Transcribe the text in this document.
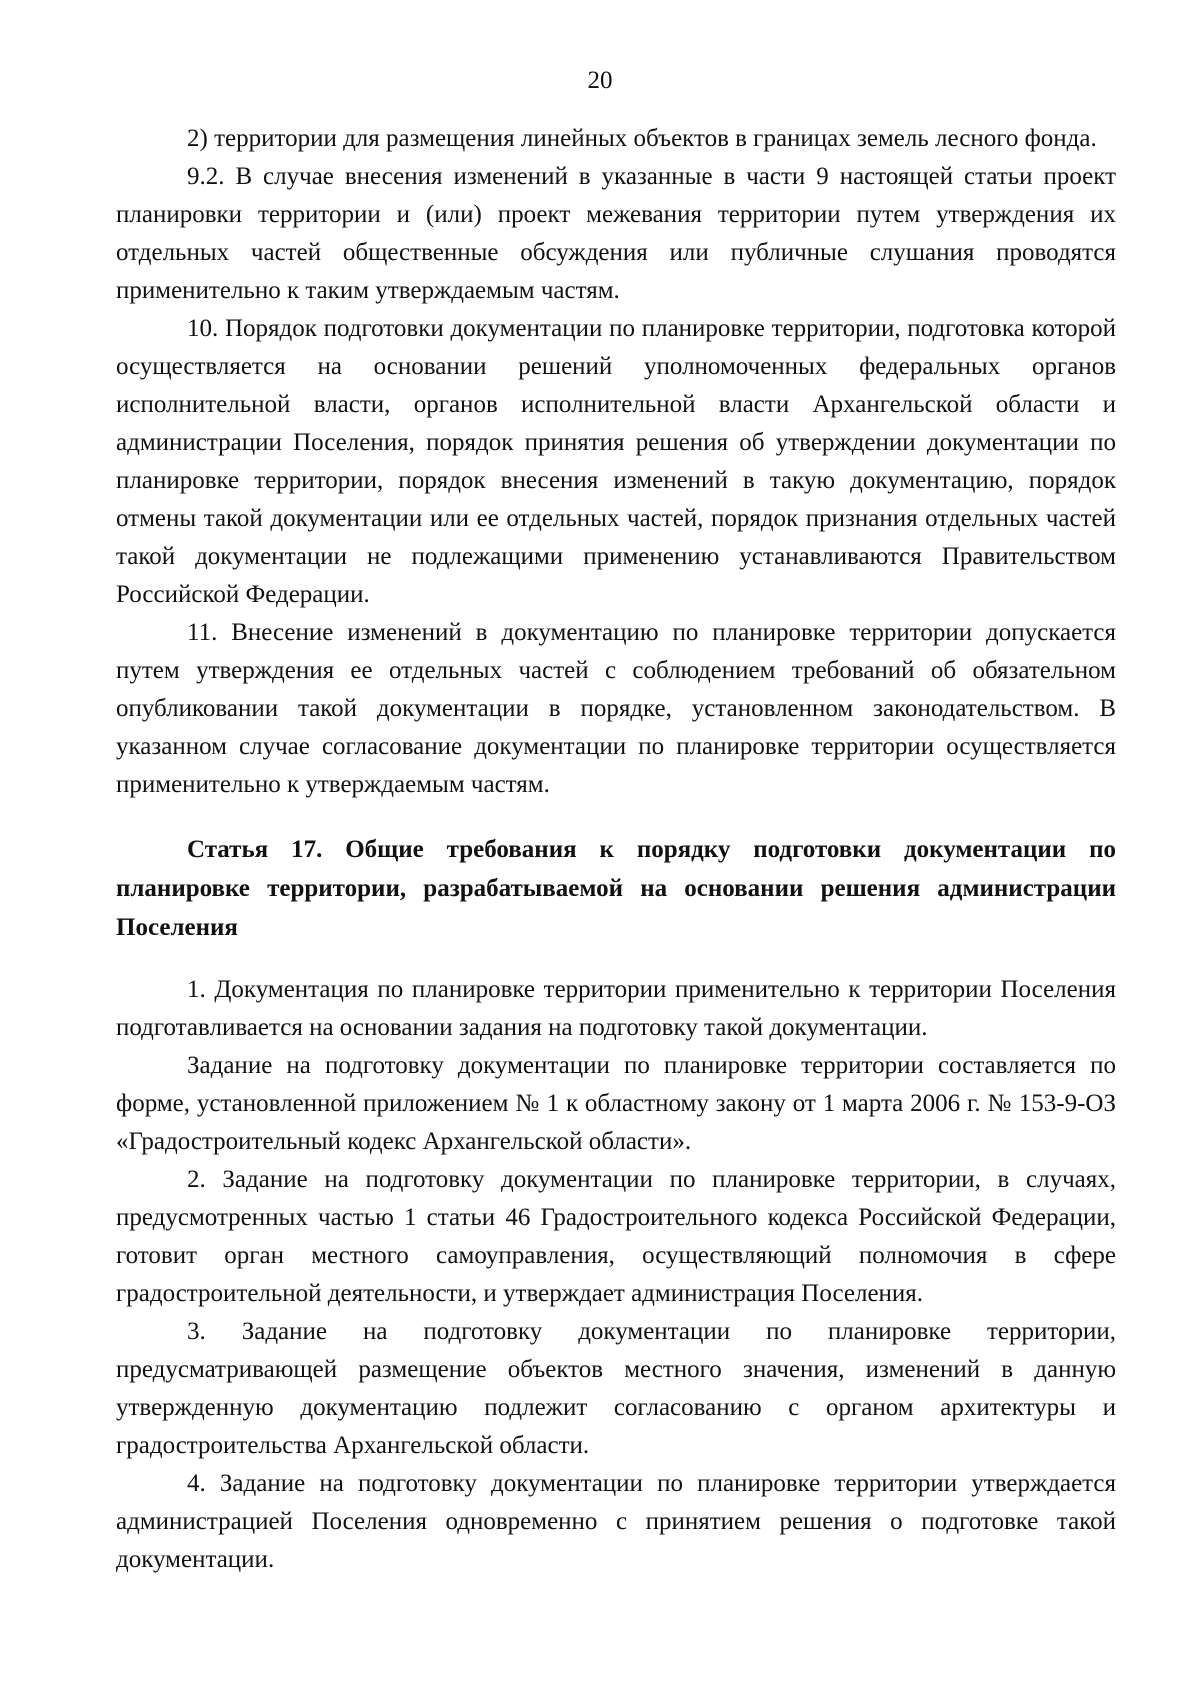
20

2) территории для размещения линейных объектов в границах земель лесного фонда.

9.2. В случае внесения изменений в указанные в части 9 настоящей статьи проект планировки территории и (или) проект межевания территории путем утверждения их отдельных частей общественные обсуждения или публичные слушания проводятся применительно к таким утверждаемым частям.

10. Порядок подготовки документации по планировке территории, подготовка которой осуществляется на основании решений уполномоченных федеральных органов исполнительной власти, органов исполнительной власти Архангельской области и администрации Поселения, порядок принятия решения об утверждении документации по планировке территории, порядок внесения изменений в такую документацию, порядок отмены такой документации или ее отдельных частей, порядок признания отдельных частей такой документации не подлежащими применению устанавливаются Правительством Российской Федерации.

11. Внесение изменений в документацию по планировке территории допускается путем утверждения ее отдельных частей с соблюдением требований об обязательном опубликовании такой документации в порядке, установленном законодательством. В указанном случае согласование документации по планировке территории осуществляется применительно к утверждаемым частям.

Статья 17. Общие требования к порядку подготовки документации по планировке территории, разрабатываемой на основании решения администрации Поселения

1. Документация по планировке территории применительно к территории Поселения подготавливается на основании задания на подготовку такой документации.

Задание на подготовку документации по планировке территории составляется по форме, установленной приложением № 1 к областному закону от 1 марта 2006 г. № 153-9-ОЗ «Градостроительный кодекс Архангельской области».

2. Задание на подготовку документации по планировке территории, в случаях, предусмотренных частью 1 статьи 46 Градостроительного кодекса Российской Федерации, готовит орган местного самоуправления, осуществляющий полномочия в сфере градостроительной деятельности, и утверждает администрация Поселения.

3. Задание на подготовку документации по планировке территории, предусматривающей размещение объектов местного значения, изменений в данную утвержденную документацию подлежит согласованию с органом архитектуры и градостроительства Архангельской области.

4. Задание на подготовку документации по планировке территории утверждается администрацией Поселения одновременно с принятием решения о подготовке такой документации.
